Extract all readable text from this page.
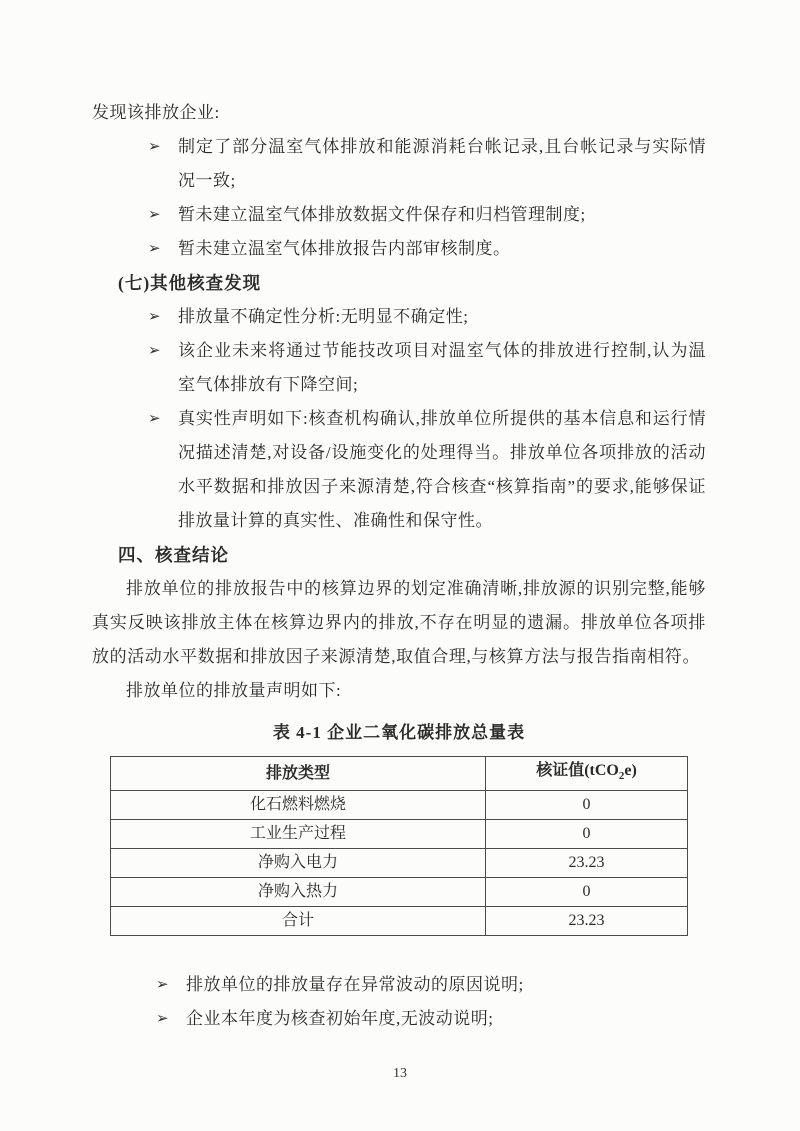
发现该排放企业:
➢	制定了部分温室气体排放和能源消耗台帐记录,且台帐记录与实际情况一致;
➢	暂未建立温室气体排放数据文件保存和归档管理制度;
➢	暂未建立温室气体排放报告内部审核制度。
(七)其他核查发现
➢	排放量不确定性分析:无明显不确定性;
➢	该企业未来将通过节能技改项目对温室气体的排放进行控制,认为温室气体排放有下降空间;
➢	真实性声明如下:核查机构确认,排放单位所提供的基本信息和运行情况描述清楚,对设备/设施变化的处理得当。排放单位各项排放的活动水平数据和排放因子来源清楚,符合核查“核算指南”的要求,能够保证排放量计算的真实性、准确性和保守性。
四、核查结论
排放单位的排放报告中的核算边界的划定准确清晰,排放源的识别完整,能够真实反映该排放主体在核算边界内的排放,不存在明显的遗漏。排放单位各项排放的活动水平数据和排放因子来源清楚,取值合理,与核算方法与报告指南相符。
排放单位的排放量声明如下:
表 4-1 企业二氧化碳排放总量表
排放类型	核证值(tCO$_2$e)
化石燃料燃烧	0
工业生产过程	0
净购入电力	23.23
净购入热力	0
合计	23.23
➢	排放单位的排放量存在异常波动的原因说明;
➢	企业本年度为核查初始年度,无波动说明;
13
